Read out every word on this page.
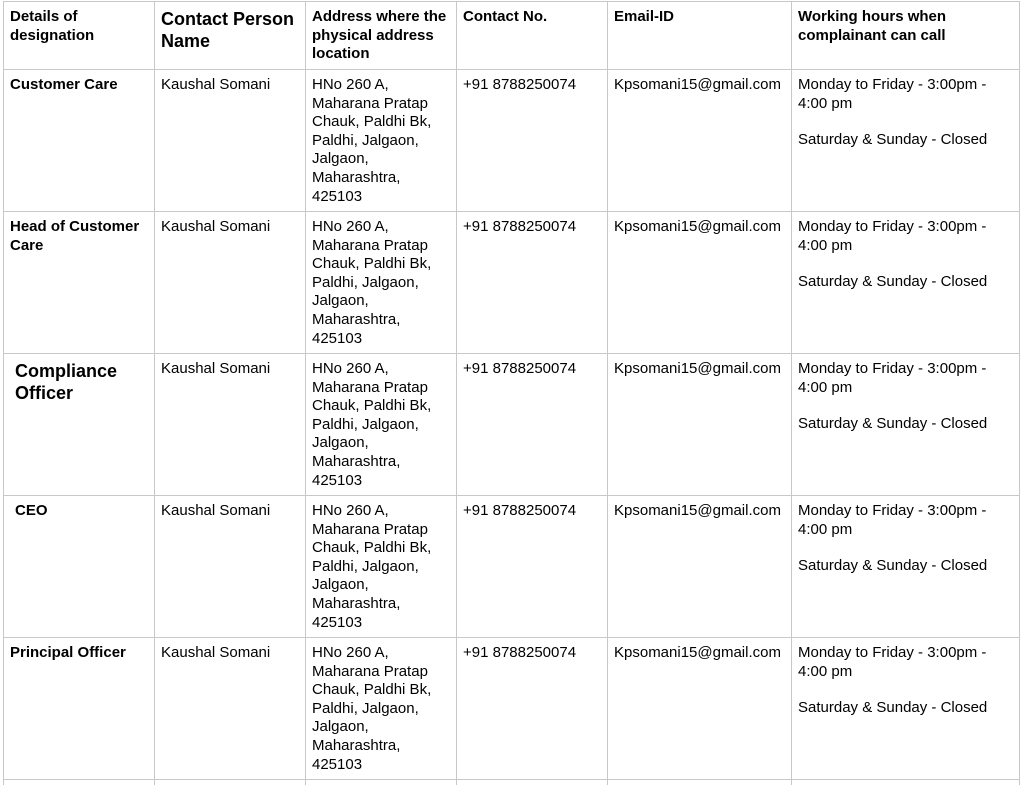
Details of designation	Contact Person Name	Address where the physical address location	Contact No.	Email-ID	Working hours when complainant can call
Customer Care	Kaushal Somani	HNo 260 A, Maharana Pratap Chauk, Paldhi Bk, Paldhi, Jalgaon, Jalgaon, Maharashtra, 425103	+91 8788250074	Kpsomani15@gmail.com	Monday to Friday - 3:00pm - 4:00 pm
Saturday & Sunday - Closed
Head of Customer Care	Kaushal Somani	HNo 260 A, Maharana Pratap Chauk, Paldhi Bk, Paldhi, Jalgaon, Jalgaon, Maharashtra, 425103	+91 8788250074	Kpsomani15@gmail.com	Monday to Friday - 3:00pm - 4:00 pm
Saturday & Sunday - Closed
Compliance Officer	Kaushal Somani	HNo 260 A, Maharana Pratap Chauk, Paldhi Bk, Paldhi, Jalgaon, Jalgaon, Maharashtra, 425103	+91 8788250074	Kpsomani15@gmail.com	Monday to Friday - 3:00pm - 4:00 pm
Saturday & Sunday - Closed
CEO	Kaushal Somani	HNo 260 A, Maharana Pratap Chauk, Paldhi Bk, Paldhi, Jalgaon, Jalgaon, Maharashtra, 425103	+91 8788250074	Kpsomani15@gmail.com	Monday to Friday - 3:00pm - 4:00 pm
Saturday & Sunday - Closed
Principal Officer	Kaushal Somani	HNo 260 A, Maharana Pratap Chauk, Paldhi Bk, Paldhi, Jalgaon, Jalgaon, Maharashtra, 425103	+91 8788250074	Kpsomani15@gmail.com	Monday to Friday - 3:00pm - 4:00 pm
Saturday & Sunday - Closed
